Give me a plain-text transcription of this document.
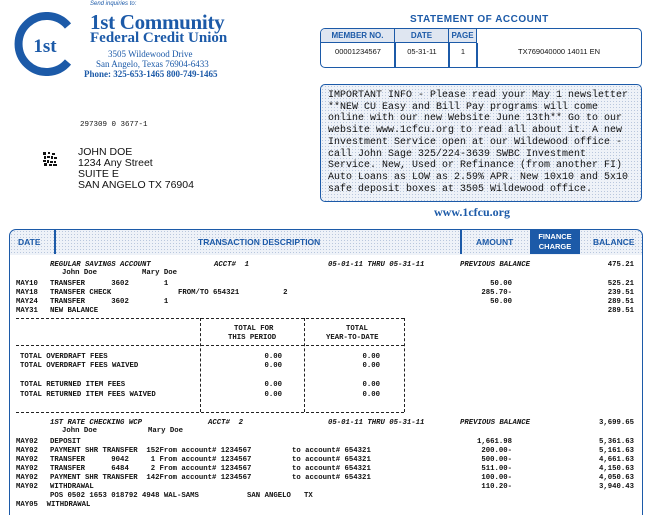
Send inquiries to:
1st
1st Community
Federal Credit Union
3505 Wildewood Drive
San Angelo, Texas 76904-6433
Phone: 325-653-1465 800-749-1465
STATEMENT OF ACCOUNT
MEMBER NO.	DATE	PAGE
00001234567	05-31-11	1	TX769040000 14011 EN
IMPORTANT INFO - Please read your May 1 newsletter **NEW CU Easy and Bill Pay programs will come online with our new Website June 13th** Go to our website www.1cfcu.org to read all about it. A new Investment Service open at our Wildewood office - call John Sage 325/224-3639 SWBC Investment Service. New, Used or Refinance (from another FI) Auto Loans as LOW as 2.59% APR. New 10x10 and 5x10 safe deposit boxes at 3505 Wildewood office.
www.1cfcu.org
297309 0 3677-1
JOHN DOE
1234 Any Street
SUITE E
SAN ANGELO TX 76904
DATE	TRANSACTION DESCRIPTION	AMOUNT
FINANCE
CHARGE	BALANCE
REGULAR SAVINGS ACCOUNT	ACCT#  1	05-01-11 THRU 05-31-11	PREVIOUS BALANCE	475.21
John Doe	Mary Doe
MAY10 TRANSFER      3602        1	50.00	525.21
MAY18 TRANSFER CHECK	FROM/TO 654321          2	285.70-	239.51
MAY24 TRANSFER      3602        1	50.00	289.51
MAY31 NEW BALANCE	289.51
TOTAL FOR
THIS PERIOD
TOTAL
YEAR-TO-DATE
TOTAL OVERDRAFT FEES	0.00	0.00
TOTAL OVERDRAFT FEES WAIVED	0.00	0.00
TOTAL RETURNED ITEM FEES	0.00	0.00
TOTAL RETURNED ITEM FEES WAIVED	0.00	0.00
1ST RATE CHECKING WCP	ACCT#  2	05-01-11 THRU 05-31-11	PREVIOUS BALANCE	3,699.65
John Doe	Mary Doe
MAY02 DEPOSIT	1,661.98	5,361.63
MAY02 PAYMENT SHR TRANSFER  152From account# 1234567	to account# 654321	200.00-	5,161.63
MAY02 TRANSFER      9042     1 From account# 1234567	to account# 654321	500.00-	4,661.63
MAY02 TRANSFER      6484     2 From account# 1234567	to account# 654321	511.00-	4,150.63
MAY02 PAYMENT SHR TRANSFER  142From account# 1234567	to account# 654321	100.00-	4,050.63
MAY02 WITHDRAWAL	110.20-	3,940.43
POS 0502 1653 018792 4948 WAL-SAMS           SAN ANGELO   TX
MAY05  WITHDRAWAL
